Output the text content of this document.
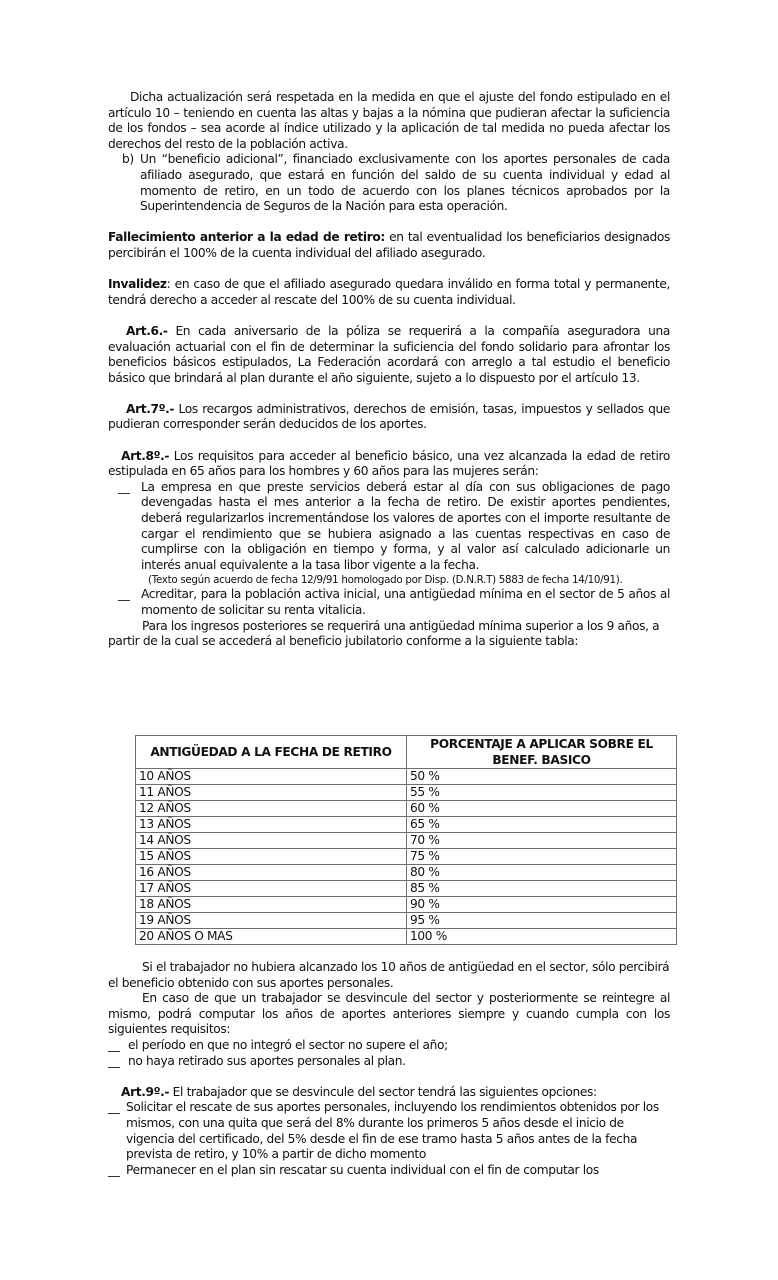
Dicha actualización será respetada en la medida en que el ajuste del fondo estipulado en el artículo 10 – teniendo en cuenta las altas y bajas a la nómina que pudieran afectar la suficiencia de los fondos – sea acorde al índice utilizado y la aplicación de tal medida no pueda afectar los derechos del resto de la población activa.

b) Un “beneficio adicional”, financiado exclusivamente con los aportes personales de cada afiliado asegurado, que estará en función del saldo de su cuenta individual y edad al momento de retiro, en un todo de acuerdo con los planes técnicos aprobados por la Superintendencia de Seguros de la Nación para esta operación.

Fallecimiento anterior a la edad de retiro: en tal eventualidad los beneficiarios designados percibirán el 100% de la cuenta individual del afiliado asegurado.

Invalidez: en caso de que el afiliado asegurado quedara inválido en forma total y permanente, tendrá derecho a acceder al rescate del 100% de su cuenta individual.

Art.6.- En cada aniversario de la póliza se requerirá a la compañía aseguradora una evaluación actuarial con el fin de determinar la suficiencia del fondo solidario para afrontar los beneficios básicos estipulados, La Federación acordará con arreglo a tal estudio el beneficio básico que brindará al plan durante el año siguiente, sujeto a lo dispuesto por el artículo 13.

Art.7º.- Los recargos administrativos, derechos de emisión, tasas, impuestos y sellados que pudieran corresponder serán deducidos de los aportes.

Art.8º.- Los requisitos para acceder al beneficio básico, una vez alcanzada la edad de retiro estipulada en 65 años para los hombres y 60 años para las mujeres serán:

__ La empresa en que preste servicios deberá estar al día con sus obligaciones de pago devengadas hasta el mes anterior a la fecha de retiro. De existir aportes pendientes, deberá regularizarlos incrementándose los valores de aportes con el importe resultante de cargar el rendimiento que se hubiera asignado a las cuentas respectivas en caso de cumplirse con la obligación en tiempo y forma, y al valor así calculado adicionarle un interés anual equivalente a la tasa libor vigente a la fecha.

(Texto según acuerdo de fecha 12/9/91 homologado por Disp. (D.N.R.T) 5883 de fecha 14/10/91).

__ Acreditar, para la población activa inicial, una antigüedad mínima en el sector de 5 años al momento de solicitar su renta vitalicia.

Para los ingresos posteriores se requerirá una antigüedad mínima superior a los 9 años, a partir de la cual se accederá al beneficio jubilatorio conforme a la siguiente tabla:

ANTIGÜEDAD A LA FECHA DE RETIRO	PORCENTAJE A APLICAR SOBRE EL BENEF. BASICO
10 AÑOS	50 %
11 AÑOS	55 %
12 AÑOS	60 %
13 AÑOS	65 %
14 AÑOS	70 %
15 AÑOS	75 %
16 AÑOS	80 %
17 AÑOS	85 %
18 AÑOS	90 %
19 AÑOS	95 %
20 AÑOS O MAS	100 %

Si el trabajador no hubiera alcanzado los 10 años de antigüedad en el sector, sólo percibirá el beneficio obtenido con sus aportes personales.

En caso de que un trabajador se desvincule del sector y posteriormente se reintegre al mismo, podrá computar los años de aportes anteriores siempre y cuando cumpla con los siguientes requisitos:

__ el período en que no integró el sector no supere el año;

__ no haya retirado sus aportes personales al plan.

Art.9º.- El trabajador que se desvincule del sector tendrá las siguientes opciones:

__ Solicitar el rescate de sus aportes personales, incluyendo los rendimientos obtenidos por los mismos, con una quita que será del 8% durante los primeros 5 años desde el inicio de vigencia del certificado, del 5% desde el fin de ese tramo hasta 5 años antes de la fecha prevista de retiro, y 10% a partir de dicho momento

__ Permanecer en el plan sin rescatar su cuenta individual con el fin de computar los
